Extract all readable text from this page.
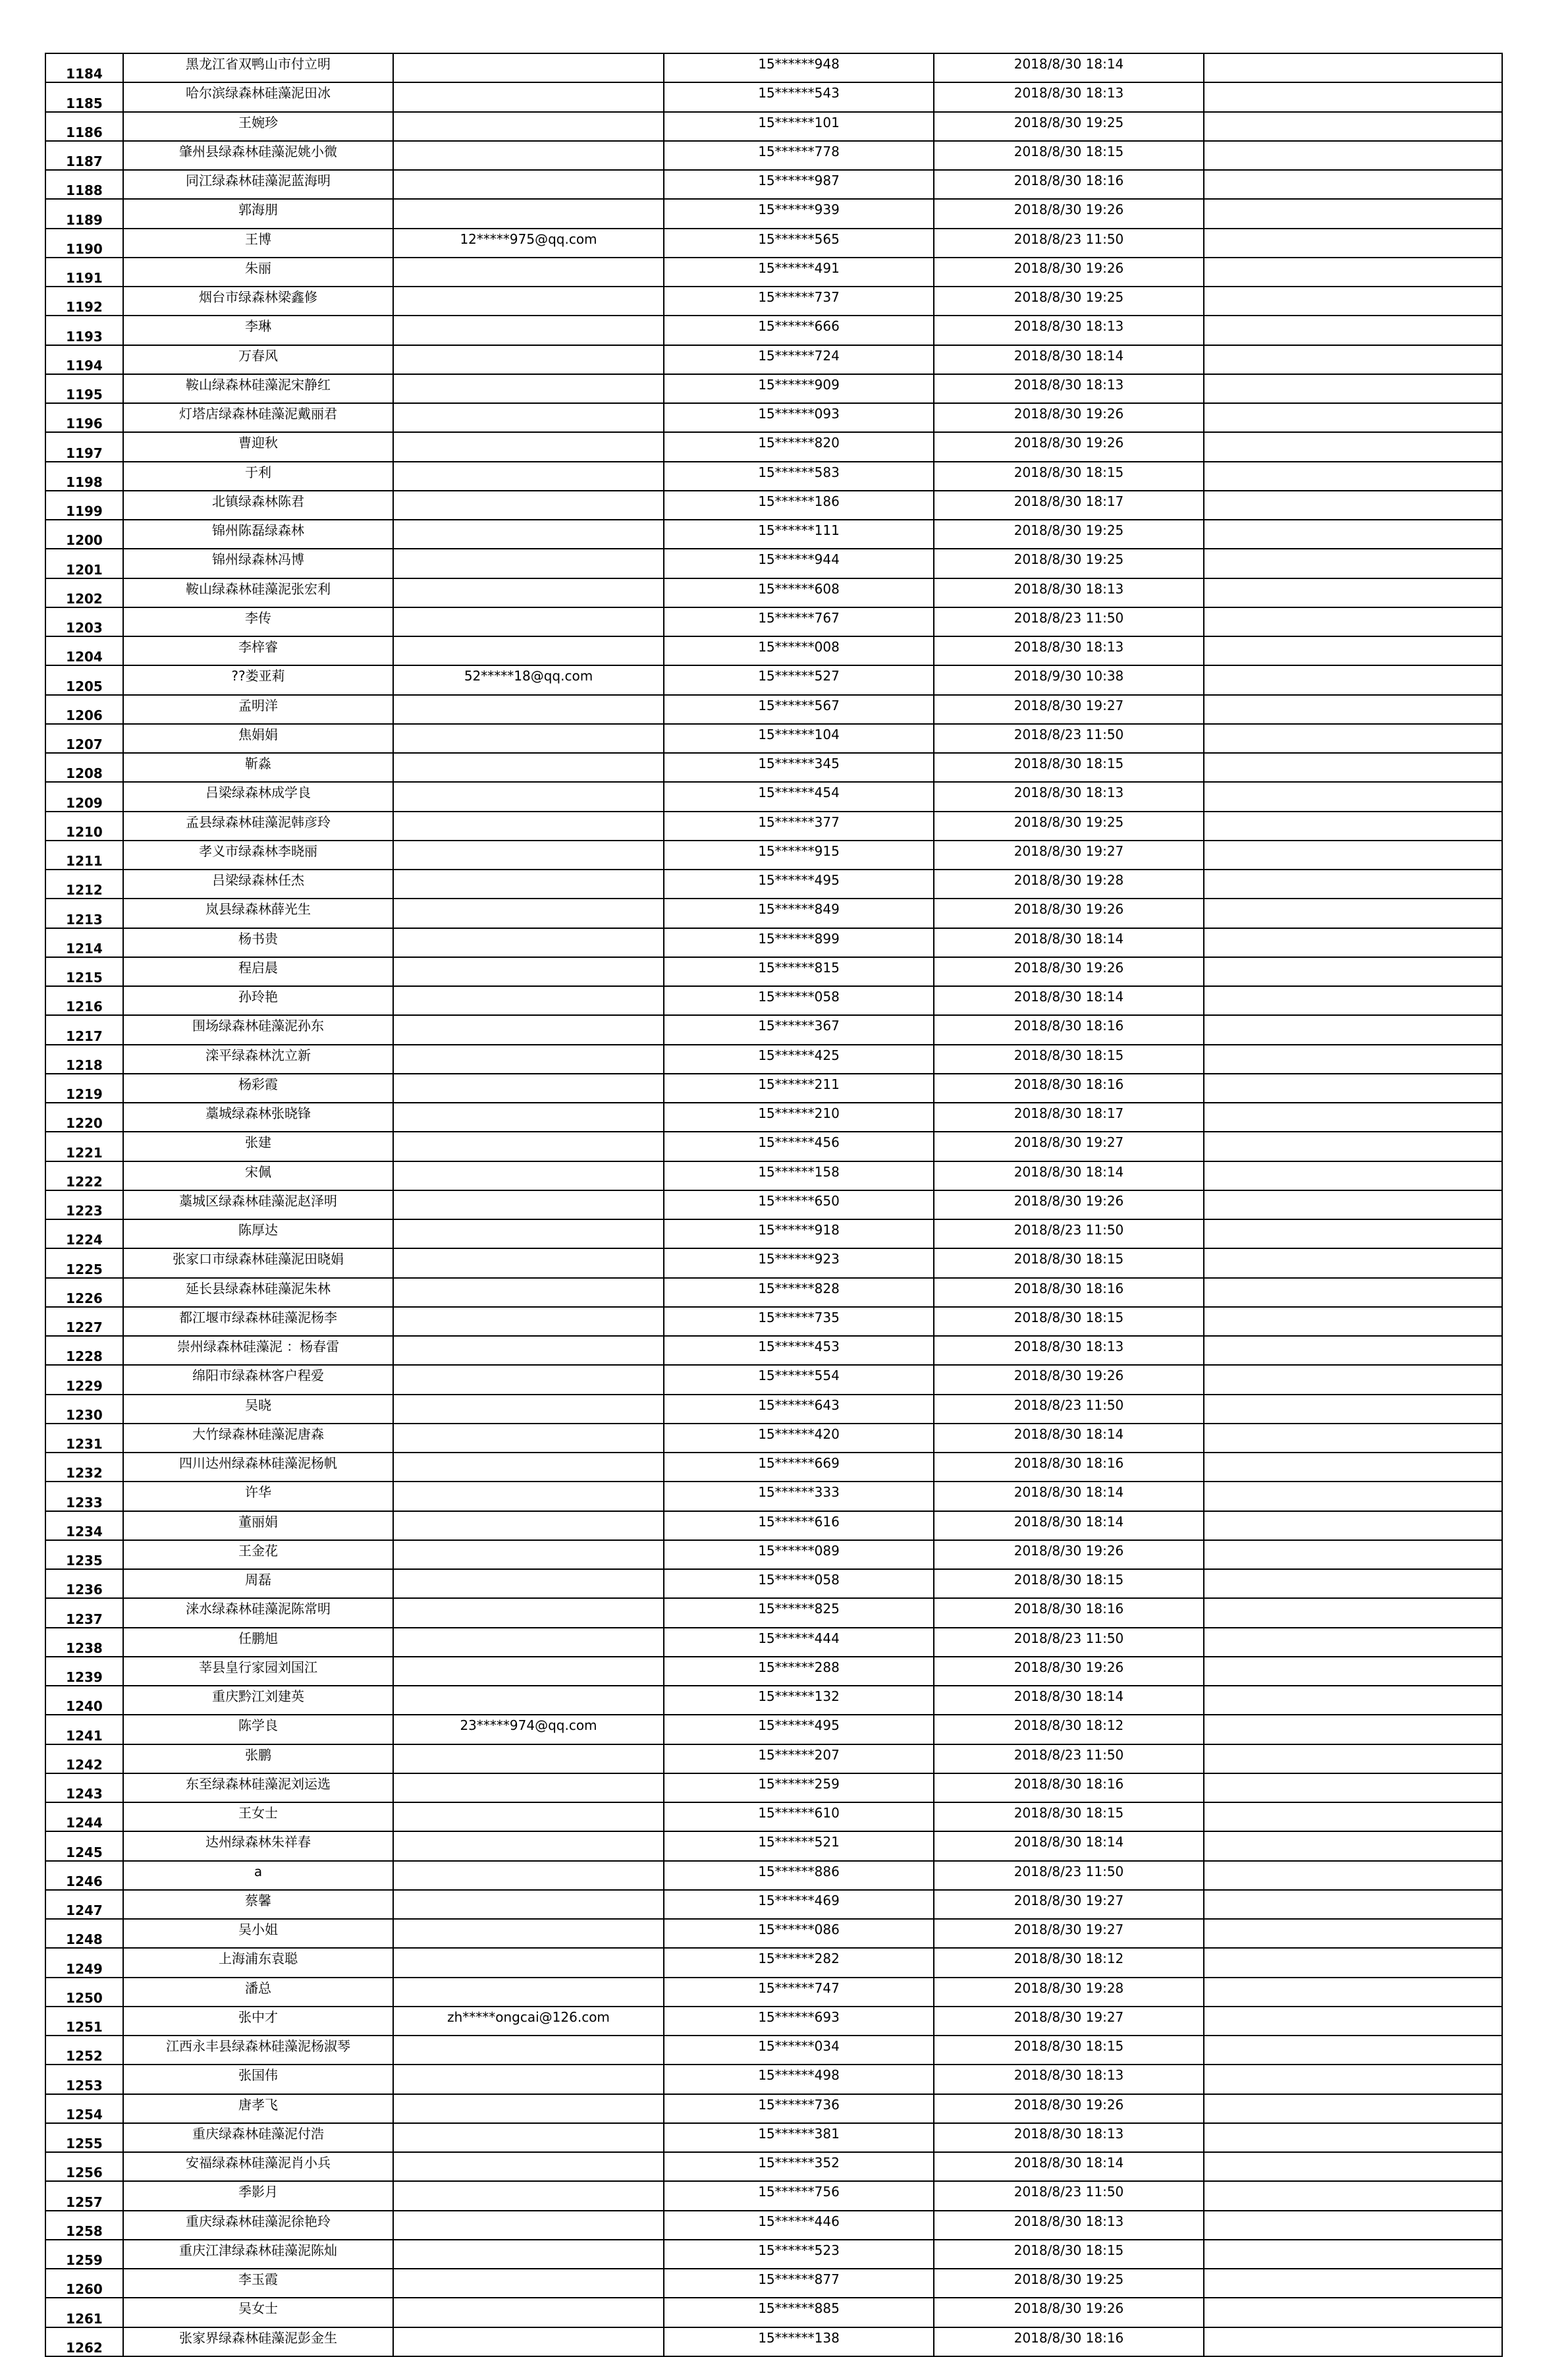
1184	黑龙江省双鸭山市付立明		15******948	2018/8/30 18:14	
1185	哈尔滨绿森林硅藻泥田冰		15******543	2018/8/30 18:13	
1186	王婉珍		15******101	2018/8/30 19:25	
1187	肇州县绿森林硅藻泥姚小微		15******778	2018/8/30 18:15	
1188	同江绿森林硅藻泥蓝海明		15******987	2018/8/30 18:16	
1189	郭海朋		15******939	2018/8/30 19:26	
1190	王博	12*****975@qq.com	15******565	2018/8/23 11:50	
1191	朱丽		15******491	2018/8/30 19:26	
1192	烟台市绿森林梁鑫修		15******737	2018/8/30 19:25	
1193	李琳		15******666	2018/8/30 18:13	
1194	万春风		15******724	2018/8/30 18:14	
1195	鞍山绿森林硅藻泥宋静红		15******909	2018/8/30 18:13	
1196	灯塔店绿森林硅藻泥戴丽君		15******093	2018/8/30 19:26	
1197	曹迎秋		15******820	2018/8/30 19:26	
1198	于利		15******583	2018/8/30 18:15	
1199	北镇绿森林陈君		15******186	2018/8/30 18:17	
1200	锦州陈磊绿森林		15******111	2018/8/30 19:25	
1201	锦州绿森林冯博		15******944	2018/8/30 19:25	
1202	鞍山绿森林硅藻泥张宏利		15******608	2018/8/30 18:13	
1203	李传		15******767	2018/8/23 11:50	
1204	李梓睿		15******008	2018/8/30 18:13	
1205	??娄亚莉	52*****18@qq.com	15******527	2018/9/30 10:38	
1206	孟明洋		15******567	2018/8/30 19:27	
1207	焦娟娟		15******104	2018/8/23 11:50	
1208	靳淼		15******345	2018/8/30 18:15	
1209	吕梁绿森林成学良		15******454	2018/8/30 18:13	
1210	孟县绿森林硅藻泥韩彦玲		15******377	2018/8/30 19:25	
1211	孝义市绿森林李晓丽		15******915	2018/8/30 19:27	
1212	吕梁绿森林任杰		15******495	2018/8/30 19:28	
1213	岚县绿森林薛光生		15******849	2018/8/30 19:26	
1214	杨书贵		15******899	2018/8/30 18:14	
1215	程启晨		15******815	2018/8/30 19:26	
1216	孙玲艳		15******058	2018/8/30 18:14	
1217	围场绿森林硅藻泥孙东		15******367	2018/8/30 18:16	
1218	滦平绿森林沈立新		15******425	2018/8/30 18:15	
1219	杨彩霞		15******211	2018/8/30 18:16	
1220	藁城绿森林张晓锋		15******210	2018/8/30 18:17	
1221	张建		15******456	2018/8/30 19:27	
1222	宋佩		15******158	2018/8/30 18:14	
1223	藁城区绿森林硅藻泥赵泽明		15******650	2018/8/30 19:26	
1224	陈厚达		15******918	2018/8/23 11:50	
1225	张家口市绿森林硅藻泥田晓娟		15******923	2018/8/30 18:15	
1226	延长县绿森林硅藻泥朱林		15******828	2018/8/30 18:16	
1227	都江堰市绿森林硅藻泥杨李		15******735	2018/8/30 18:15	
1228	崇州绿森林硅藻泥 ：杨春雷		15******453	2018/8/30 18:13	
1229	绵阳市绿森林客户程爱		15******554	2018/8/30 19:26	
1230	吴晓		15******643	2018/8/23 11:50	
1231	大竹绿森林硅藻泥唐森		15******420	2018/8/30 18:14	
1232	四川达州绿森林硅藻泥杨帆		15******669	2018/8/30 18:16	
1233	许华		15******333	2018/8/30 18:14	
1234	董丽娟		15******616	2018/8/30 18:14	
1235	王金花		15******089	2018/8/30 19:26	
1236	周磊		15******058	2018/8/30 18:15	
1237	涞水绿森林硅藻泥陈常明		15******825	2018/8/30 18:16	
1238	任鹏旭		15******444	2018/8/23 11:50	
1239	莘县皇行家园刘国江		15******288	2018/8/30 19:26	
1240	重庆黔江刘建英		15******132	2018/8/30 18:14	
1241	陈学良	23*****974@qq.com	15******495	2018/8/30 18:12	
1242	张鹏		15******207	2018/8/23 11:50	
1243	东至绿森林硅藻泥刘运选		15******259	2018/8/30 18:16	
1244	王女士		15******610	2018/8/30 18:15	
1245	达州绿森林朱祥春		15******521	2018/8/30 18:14	
1246	a		15******886	2018/8/23 11:50	
1247	蔡馨		15******469	2018/8/30 19:27	
1248	吴小姐		15******086	2018/8/30 19:27	
1249	上海浦东袁聪		15******282	2018/8/30 18:12	
1250	潘总		15******747	2018/8/30 19:28	
1251	张中才	zh*****ongcai@126.com	15******693	2018/8/30 19:27	
1252	江西永丰县绿森林硅藻泥杨淑琴		15******034	2018/8/30 18:15	
1253	张国伟		15******498	2018/8/30 18:13	
1254	唐孝飞		15******736	2018/8/30 19:26	
1255	重庆绿森林硅藻泥付浩		15******381	2018/8/30 18:13	
1256	安福绿森林硅藻泥肖小兵		15******352	2018/8/30 18:14	
1257	季影月		15******756	2018/8/23 11:50	
1258	重庆绿森林硅藻泥徐艳玲		15******446	2018/8/30 18:13	
1259	重庆江津绿森林硅藻泥陈灿		15******523	2018/8/30 18:15	
1260	李玉霞		15******877	2018/8/30 19:25	
1261	吴女士		15******885	2018/8/30 19:26	
1262	张家界绿森林硅藻泥彭金生		15******138	2018/8/30 18:16	
